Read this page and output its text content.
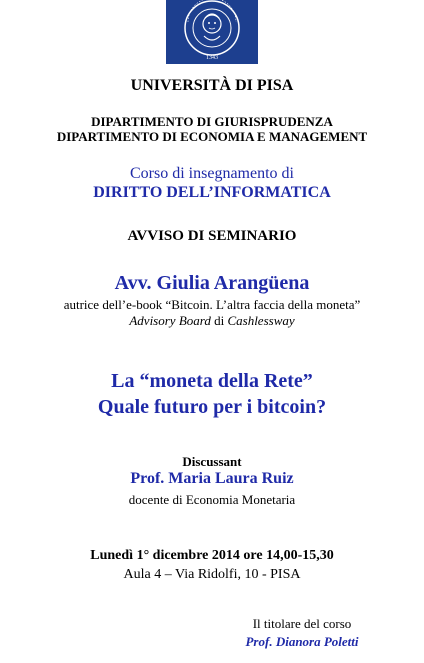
1343
UNIVERSITÀ DI PISA
DIPARTIMENTO DI GIURISPRUDENZA
DIPARTIMENTO DI ECONOMIA E MANAGEMENT
Corso di insegnamento di
DIRITTO DELL’INFORMATICA
AVVISO DI SEMINARIO
Avv. Giulia Arangüena
autrice dell’e-book “Bitcoin. L’altra faccia della moneta”
Advisory Board di Cashlessway
La “moneta della Rete”
Quale futuro per i bitcoin?
Discussant
Prof. Maria Laura Ruiz
docente di Economia Monetaria
Lunedì 1° dicembre 2014 ore 14,00-15,30
Aula 4 – Via Ridolfi, 10 - PISA
Il titolare del corso
Prof. Dianora Poletti
